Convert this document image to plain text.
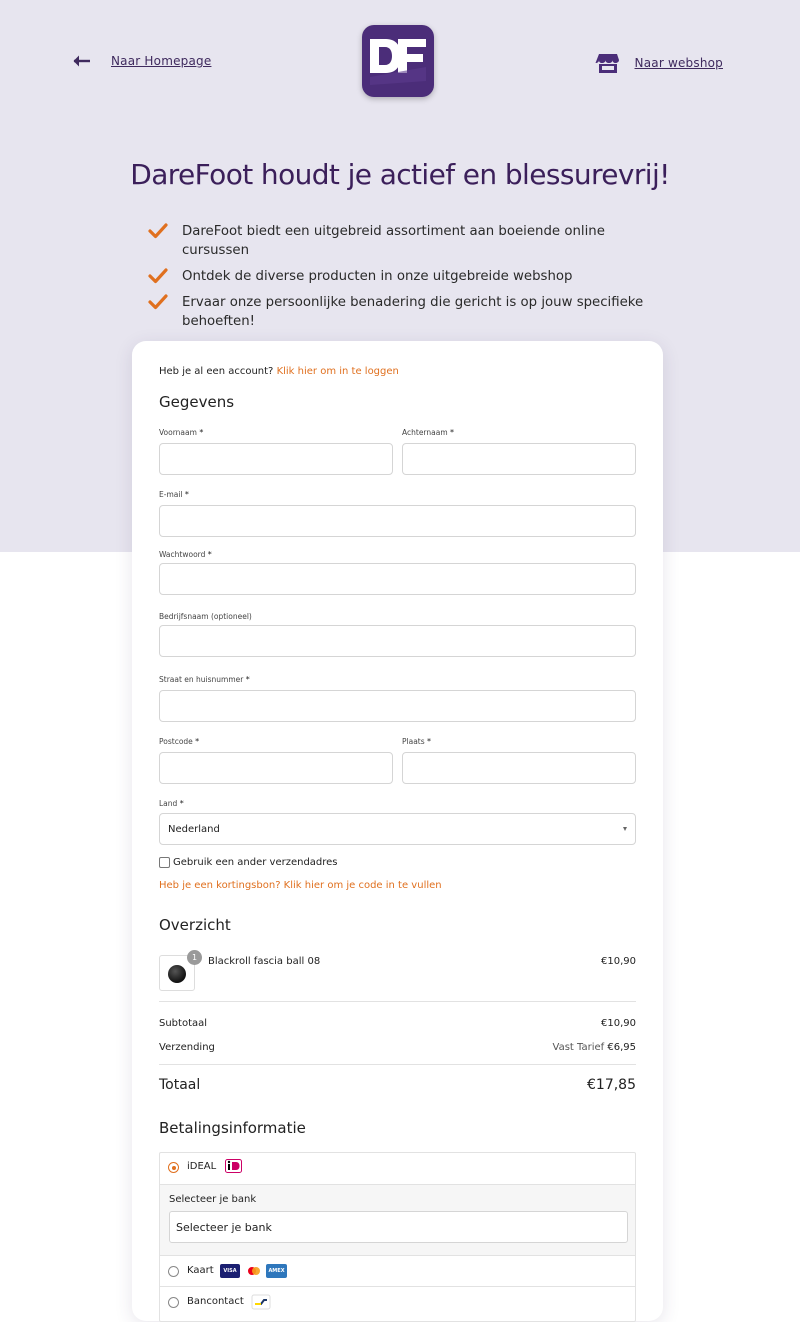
Naar Homepage	Naar webshop
DareFoot houdt je actief en blessurevrij!
DareFoot biedt een uitgebreid assortiment aan boeiende online cursussen
Ontdek de diverse producten in onze uitgebreide webshop
Ervaar onze persoonlijke benadering die gericht is op jouw specifieke behoeften!
Heb je al een account? Klik hier om in te loggen
Gegevens
Voornaam *	Achternaam *
E-mail *
Wachtwoord *
Bedrijfsnaam (optioneel)
Straat en huisnummer *
Postcode *	Plaats *
Land *
Nederland
Gebruik een ander verzendadres
Heb je een kortingsbon? Klik hier om je code in te vullen
Overzicht
1	Blackroll fascia ball 08	€10,90
Subtotaal	€10,90
Verzending	Vast Tarief €6,95
Totaal	€17,85
Betalingsinformatie
iDEAL
Selecteer je bank
Selecteer je bank
Kaart	VISA	AMEX
Bancontact
